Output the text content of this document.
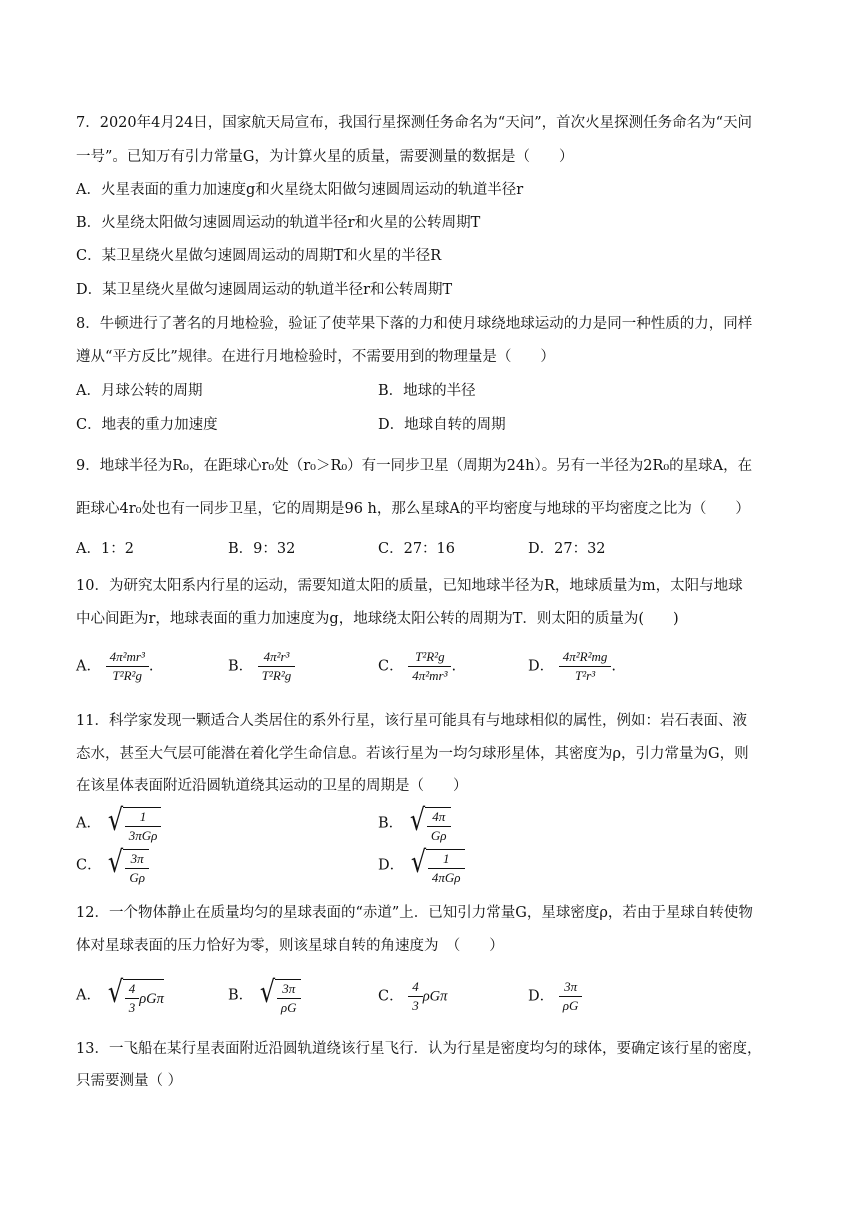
7．2020年4月24日，国家航天局宣布，我国行星探测任务命名为“天问”，首次火星探测任务命名为“天问
一号”。已知万有引力常量G，为计算火星的质量，需要测量的数据是（　　）
A．火星表面的重力加速度g和火星绕太阳做匀速圆周运动的轨道半径r
B．火星绕太阳做匀速圆周运动的轨道半径r和火星的公转周期T
C．某卫星绕火星做匀速圆周运动的周期T和火星的半径R
D．某卫星绕火星做匀速圆周运动的轨道半径r和公转周期T
8．牛顿进行了著名的月地检验，验证了使苹果下落的力和使月球绕地球运动的力是同一种性质的力，同样
遵从“平方反比”规律。在进行月地检验时，不需要用到的物理量是（　　）
A．月球公转的周期	B．地球的半径
C．地表的重力加速度	D．地球自转的周期
9．地球半径为R₀，在距球心r₀处（r₀＞R₀）有一同步卫星（周期为24h）。另有一半径为2R₀的星球A，在
距球心4r₀处也有一同步卫星，它的周期是96 h，那么星球A的平均密度与地球的平均密度之比为（　　）
A．1：2	B．9：32	C．27：16	D．27：32
10．为研究太阳系内行星的运动，需要知道太阳的质量，已知地球半径为R，地球质量为m，太阳与地球
中心间距为r，地球表面的重力加速度为g，地球绕太阳公转的周期为T．则太阳的质量为(　　)
A． $\frac{\text{4π²mr³}}{\text{T²R²g}}$ .	B． $\frac{\text{4π²r³}}{\text{T²R²g}}$	C． $\frac{\text{T²R²g}}{\text{4π²mr³}}$ .	D． $\frac{\text{4π²R²mg}}{\text{T²r³}}$ .
11．科学家发现一颗适合人类居住的系外行星，该行星可能具有与地球相似的属性，例如：岩石表面、液
态水，甚至大气层可能潜在着化学生命信息。若该行星为一均匀球形星体，其密度为ρ，引力常量为G，则
在该星体表面附近沿圆轨道绕其运动的卫星的周期是（　　）
A． √ $\frac{1}{\text{3πGρ}}$	B． √ $\frac{4\pi}{G\rho}$
C． √ $\frac{3\pi}{G\rho}$	D． √ $\frac{1}{\text{4πGρ}}$
12．一个物体静止在质量均匀的星球表面的“赤道”上．已知引力常量G，星球密度ρ，若由于星球自转使物
体对星球表面的压力恰好为零，则该星球自转的角速度为　（　　）
A． √ $\frac{4}{3}$ ρGπ	B． √ $\frac{3\pi}{\rho G}$	C． $\frac{4}{3}$ ρGπ	D． $\frac{3\pi}{\rho G}$
13．一飞船在某行星表面附近沿圆轨道绕该行星飞行．认为行星是密度均匀的球体，要确定该行星的密度，
只需要测量（ ）
